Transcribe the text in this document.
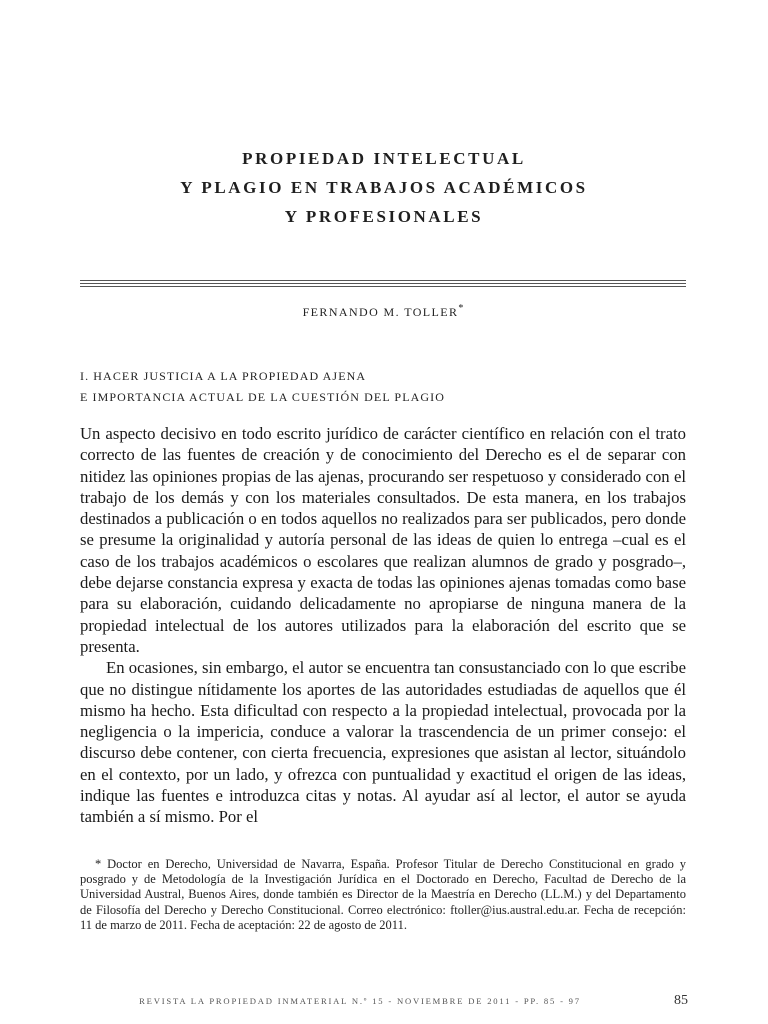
PROPIEDAD INTELECTUAL
Y PLAGIO EN TRABAJOS ACADÉMICOS
Y PROFESIONALES
FERNANDO M. TOLLER*
I. HACER JUSTICIA A LA PROPIEDAD AJENA
E IMPORTANCIA ACTUAL DE LA CUESTIÓN DEL PLAGIO

Un aspecto decisivo en todo escrito jurídico de carácter científico en relación con el trato correcto de las fuentes de creación y de conocimiento del Derecho es el de separar con nitidez las opiniones propias de las ajenas, procurando ser respetuoso y considerado con el trabajo de los demás y con los materiales consultados. De esta manera, en los trabajos destinados a publicación o en todos aquellos no realizados para ser publicados, pero donde se presume la originalidad y autoría personal de las ideas de quien lo entrega –cual es el caso de los trabajos académicos o escolares que realizan alumnos de grado y posgrado–, debe dejarse constancia expresa y exacta de todas las opiniones ajenas tomadas como base para su elaboración, cuidando delicadamente no apropiarse de ninguna manera de la propiedad intelectual de los autores utilizados para la elaboración del escrito que se presenta.

En ocasiones, sin embargo, el autor se encuentra tan consustanciado con lo que escribe que no distingue nítidamente los aportes de las autoridades estudiadas de aquellos que él mismo ha hecho. Esta dificultad con respecto a la propiedad intelectual, provocada por la negligencia o la impericia, conduce a valorar la trascendencia de un primer consejo: el discurso debe contener, con cierta frecuencia, expresiones que asistan al lector, situándolo en el contexto, por un lado, y ofrezca con puntualidad y exactitud el origen de las ideas, indique las fuentes e introduzca citas y notas. Al ayudar así al lector, el autor se ayuda también a sí mismo. Por el

* Doctor en Derecho, Universidad de Navarra, España. Profesor Titular de Derecho Constitucional en grado y posgrado y de Metodología de la Investigación Jurídica en el Doctorado en Derecho, Facultad de Derecho de la Universidad Austral, Buenos Aires, donde también es Director de la Maestría en Derecho (LL.M.) y del Departamento de Filosofía del Derecho y Derecho Constitucional. Correo electrónico: ftoller@ius.austral.edu.ar. Fecha de recepción: 11 de marzo de 2011. Fecha de aceptación: 22 de agosto de 2011.

REVISTA LA PROPIEDAD INMATERIAL N.º 15 - NOVIEMBRE DE 2011 - PP. 85 - 97	85
